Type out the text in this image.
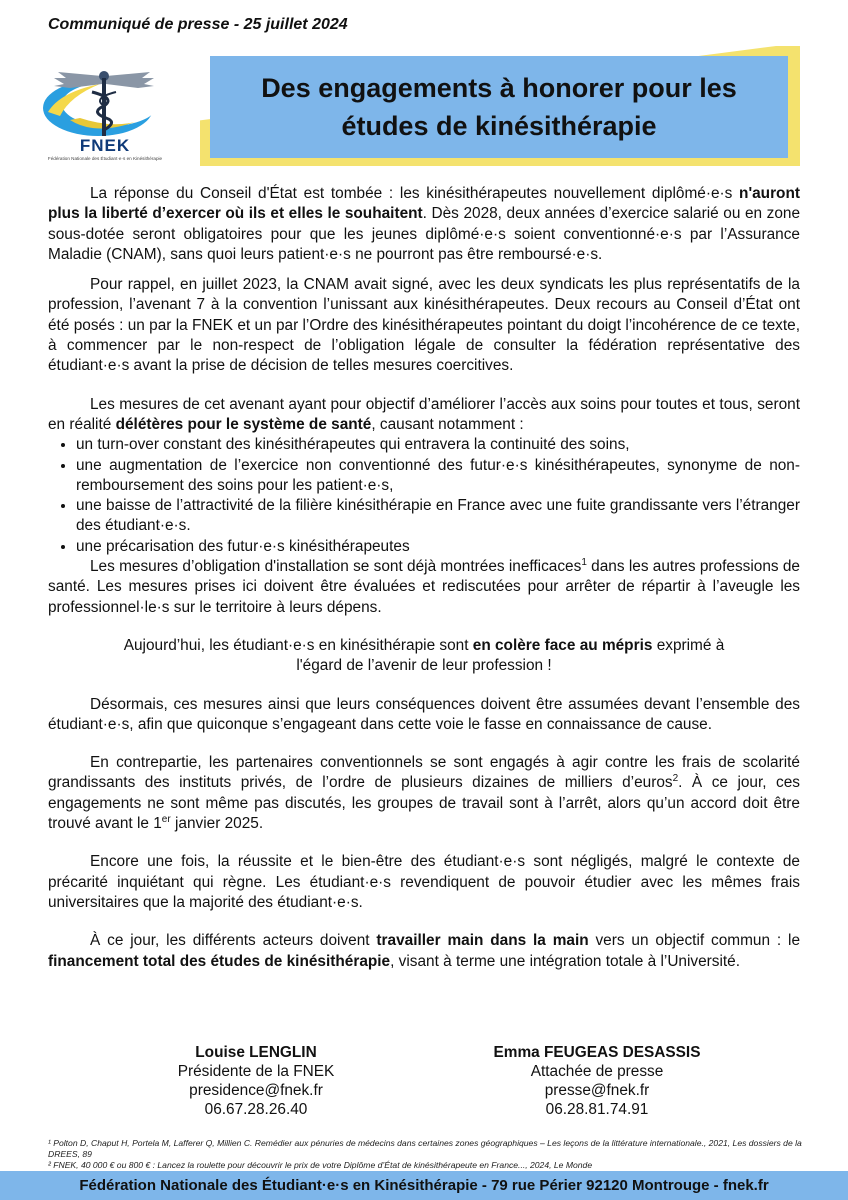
Communiqué de presse - 25 juillet 2024
FNEK
Fédération Nationale des Étudiant·e·s en Kinésithérapie
Des engagements à honorer pour les études de kinésithérapie

La réponse du Conseil d'État est tombée : les kinésithérapeutes nouvellement diplômé·e·s n'auront plus la liberté d’exercer où ils et elles le souhaitent. Dès 2028, deux années d’exercice salarié ou en zone sous-dotée seront obligatoires pour que les jeunes diplômé·e·s soient conventionné·e·s par l’Assurance Maladie (CNAM), sans quoi leurs patient·e·s ne pourront pas être remboursé·e·s.

Pour rappel, en juillet 2023, la CNAM avait signé, avec les deux syndicats les plus représentatifs de la profession, l’avenant 7 à la convention l’unissant aux kinésithérapeutes. Deux recours au Conseil d’État ont été posés : un par la FNEK et un par l’Ordre des kinésithérapeutes pointant du doigt l’incohérence de ce texte, à commencer par le non-respect de l’obligation légale de consulter la fédération représentative des étudiant·e·s avant la prise de décision de telles mesures coercitives.

Les mesures de cet avenant ayant pour objectif d’améliorer l’accès aux soins pour toutes et tous, seront en réalité délétères pour le système de santé, causant notamment :

• un turn-over constant des kinésithérapeutes qui entravera la continuité des soins,
• une augmentation de l’exercice non conventionné des futur·e·s kinésithérapeutes, synonyme de non-remboursement des soins pour les patient·e·s,
• une baisse de l’attractivité de la filière kinésithérapie en France avec une fuite grandissante vers l’étranger des étudiant·e·s.
• une précarisation des futur·e·s kinésithérapeutes

Les mesures d’obligation d'installation se sont déjà montrées inefficaces$^1$ dans les autres professions de santé. Les mesures prises ici doivent être évaluées et rediscutées pour arrêter de répartir à l’aveugle les professionnel·le·s sur le territoire à leurs dépens.

Aujourd’hui, les étudiant·e·s en kinésithérapie sont en colère face au mépris exprimé à
l'égard de l’avenir de leur profession !

Désormais, ces mesures ainsi que leurs conséquences doivent être assumées devant l’ensemble des étudiant·e·s, afin que quiconque s’engageant dans cette voie le fasse en connaissance de cause.

En contrepartie, les partenaires conventionnels se sont engagés à agir contre les frais de scolarité grandissants des instituts privés, de l’ordre de plusieurs dizaines de milliers d’euros$^2$. À ce jour, ces engagements ne sont même pas discutés, les groupes de travail sont à l’arrêt, alors qu’un accord doit être trouvé avant le 1er janvier 2025.

Encore une fois, la réussite et le bien-être des étudiant·e·s sont négligés, malgré le contexte de précarité inquiétant qui règne. Les étudiant·e·s revendiquent de pouvoir étudier avec les mêmes frais universitaires que la majorité des étudiant·e·s.

À ce jour, les différents acteurs doivent travailler main dans la main vers un objectif commun : le financement total des études de kinésithérapie, visant à terme une intégration totale à l’Université.

Louise LENGLIN
Présidente de la FNEK
presidence@fnek.fr
06.67.28.26.40
Emma FEUGEAS DESASSIS
Attachée de presse
presse@fnek.fr
06.28.81.74.91
¹ Polton D, Chaput H, Portela M, Lafferer Q, Millien C. Remédier aux pénuries de médecins dans certaines zones géographiques – Les leçons de la littérature internationale., 2021, Les dossiers de la DREES, 89
² FNEK, 40 000 € ou 800 € : Lancez la roulette pour découvrir le prix de votre Diplôme d’État de kinésithérapeute en France..., 2024, Le Monde
Fédération Nationale des Étudiant·e·s en Kinésithérapie - 79 rue Périer 92120 Montrouge - fnek.fr
